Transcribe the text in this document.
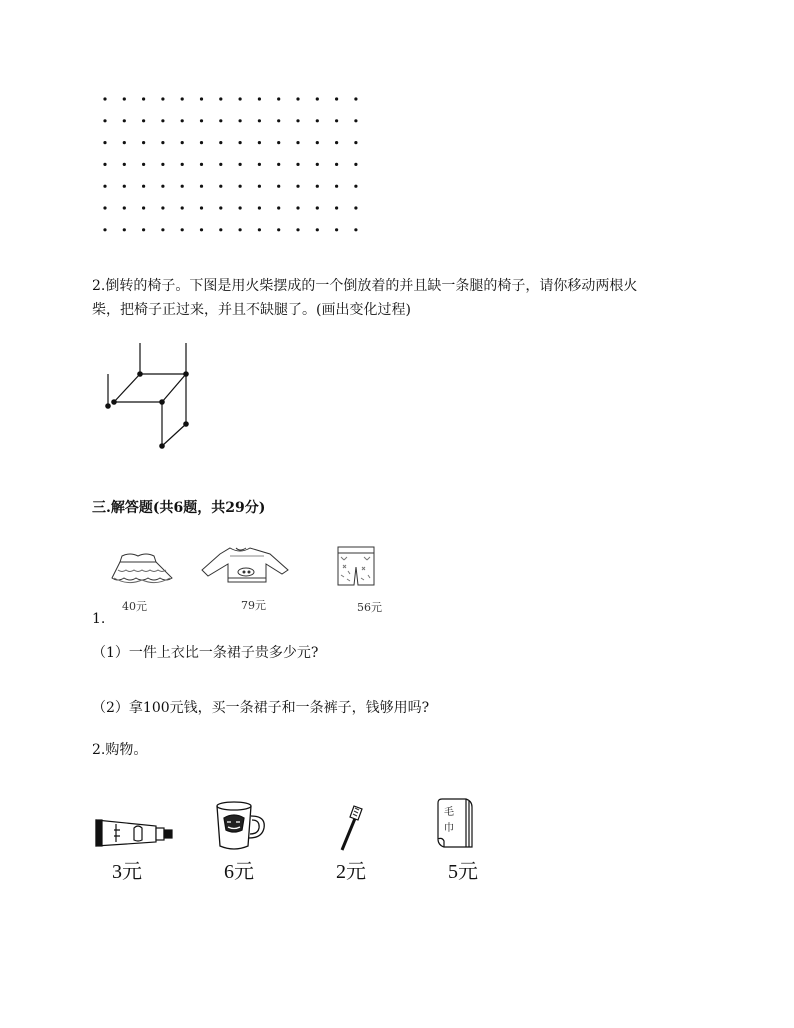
2.倒转的椅子。下图是用火柴摆成的一个倒放着的并且缺一条腿的椅子，请你移动两根火
柴，把椅子正过来，并且不缺腿了。(画出变化过程)
三.解答题(共6题，共29分)
40元	79元	56元
1.
（1）一件上衣比一条裙子贵多少元?
（2）拿100元钱，买一条裙子和一条裤子，钱够用吗?
2.购物。
3元	6元	2元
毛
巾
5元
